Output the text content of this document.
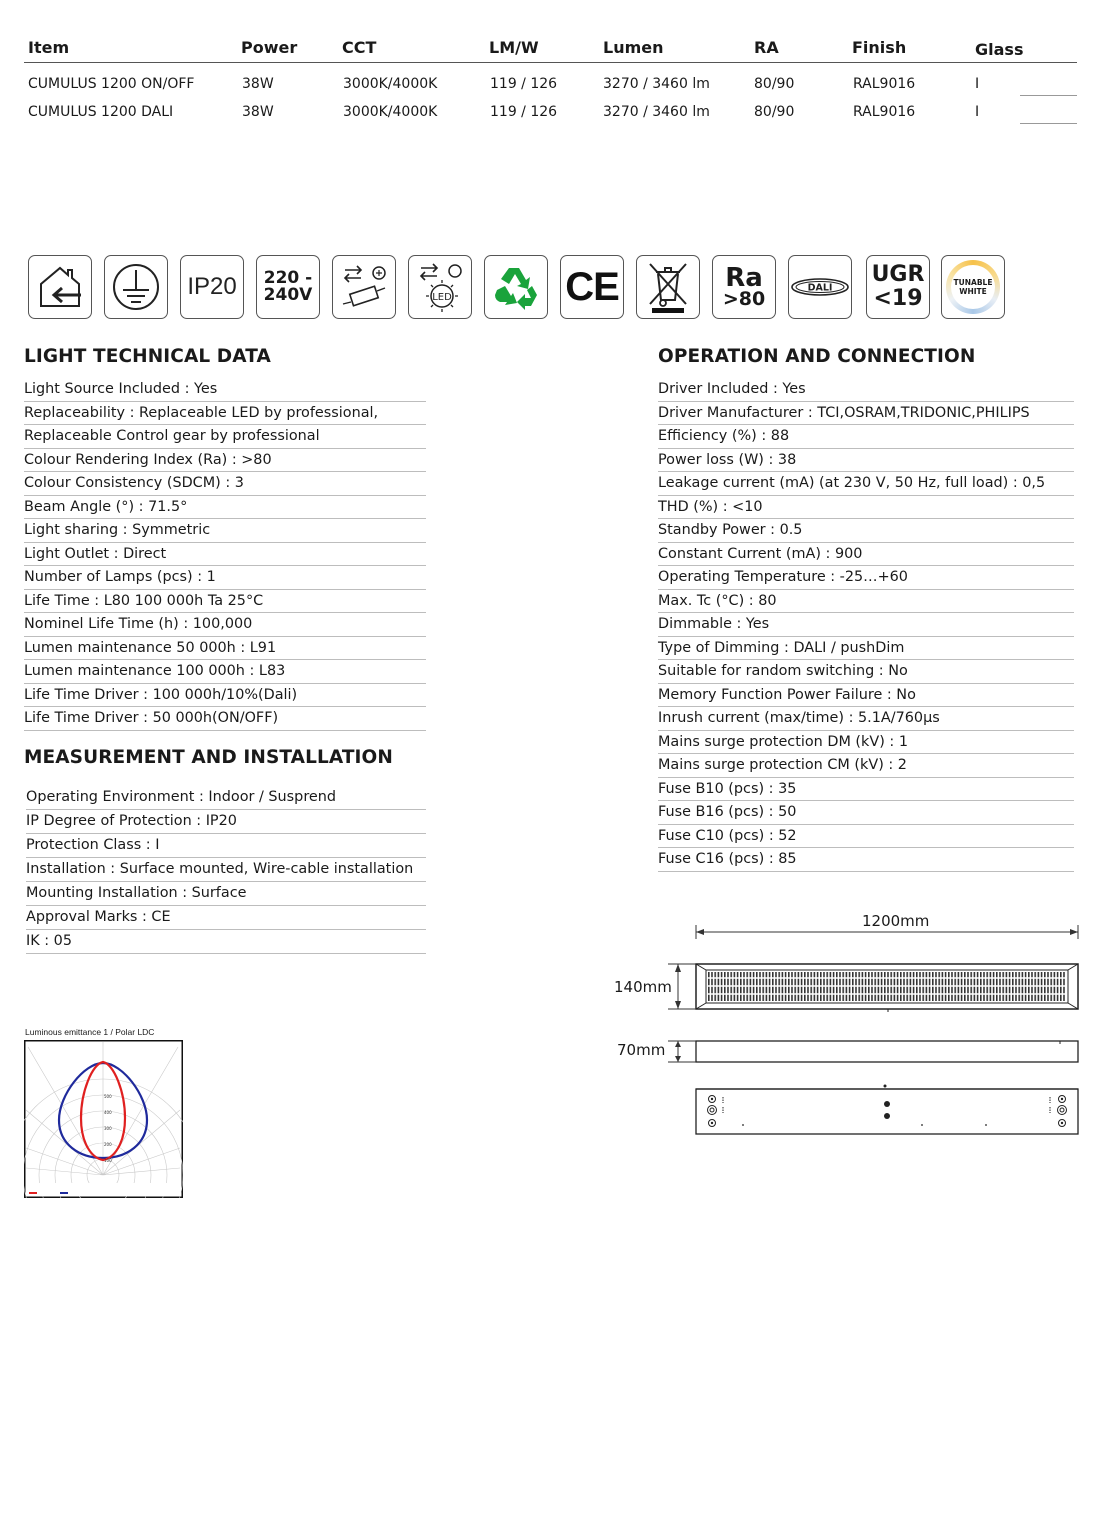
Item	Power	CCT	LM/W	Lumen	RA	Finish	Glass
CUMULUS 1200 ON/OFF	38W	3000K/4000K	119 / 126	3270 / 3460 lm	80/90	RAL9016	I
CUMULUS 1200 DALI	38W	3000K/4000K	119 / 126	3270 / 3460 lm	80/90	RAL9016	I
IP20 220 -
240V	LED	CE	Ra
>80	DALI
UGR
<19
TUNABLE
WHITE
LIGHT TECHNICAL DATA
Light Source Included : Yes
Replaceability : Replaceable LED by professional,
Replaceable Control gear by professional
Colour Rendering Index (Ra) : >80
Colour Consistency (SDCM) : 3
Beam Angle (°) : 71.5°
Light sharing : Symmetric
Light Outlet : Direct
Number of Lamps (pcs) : 1
Life Time : L80 100 000h Ta 25°C
Nominel Life Time (h) : 100,000
Lumen maintenance 50 000h : L91
Lumen maintenance 100 000h : L83
Life Time Driver : 100 000h/10%(Dali)
Life Time Driver : 50 000h(ON/OFF)
MEASUREMENT AND INSTALLATION
Operating Environment : Indoor / Susprend
IP Degree of Protection : IP20
Protection Class : I
Installation : Surface mounted, Wire-cable installation
Mounting Installation : Surface
Approval Marks : CE
IK : 05
OPERATION AND CONNECTION
Driver Included : Yes
Driver Manufacturer : TCI,OSRAM,TRIDONIC,PHILIPS
Efficiency (%) : 88
Power loss (W) : 38
Leakage current (mA) (at 230 V, 50 Hz, full load) : 0,5
THD (%) : <10
Standby Power : 0.5
Constant Current (mA) : 900
Operating Temperature : -25…+60
Max. Tc (°C) : 80
Dimmable : Yes
Type of Dimming : DALI / pushDim
Suitable for random switching : No
Memory Function Power Failure : No
Inrush current (max/time) : 5.1A/760µs
Mains surge protection DM (kV) : 1
Mains surge protection CM (kV) : 2
Fuse B10 (pcs) : 35
Fuse B16 (pcs) : 50
Fuse C10 (pcs) : 52
Fuse C16 (pcs) : 85
1200mm
140mm
70mm
Luminous emittance 1 / Polar LDC
500
400
300
200
100
